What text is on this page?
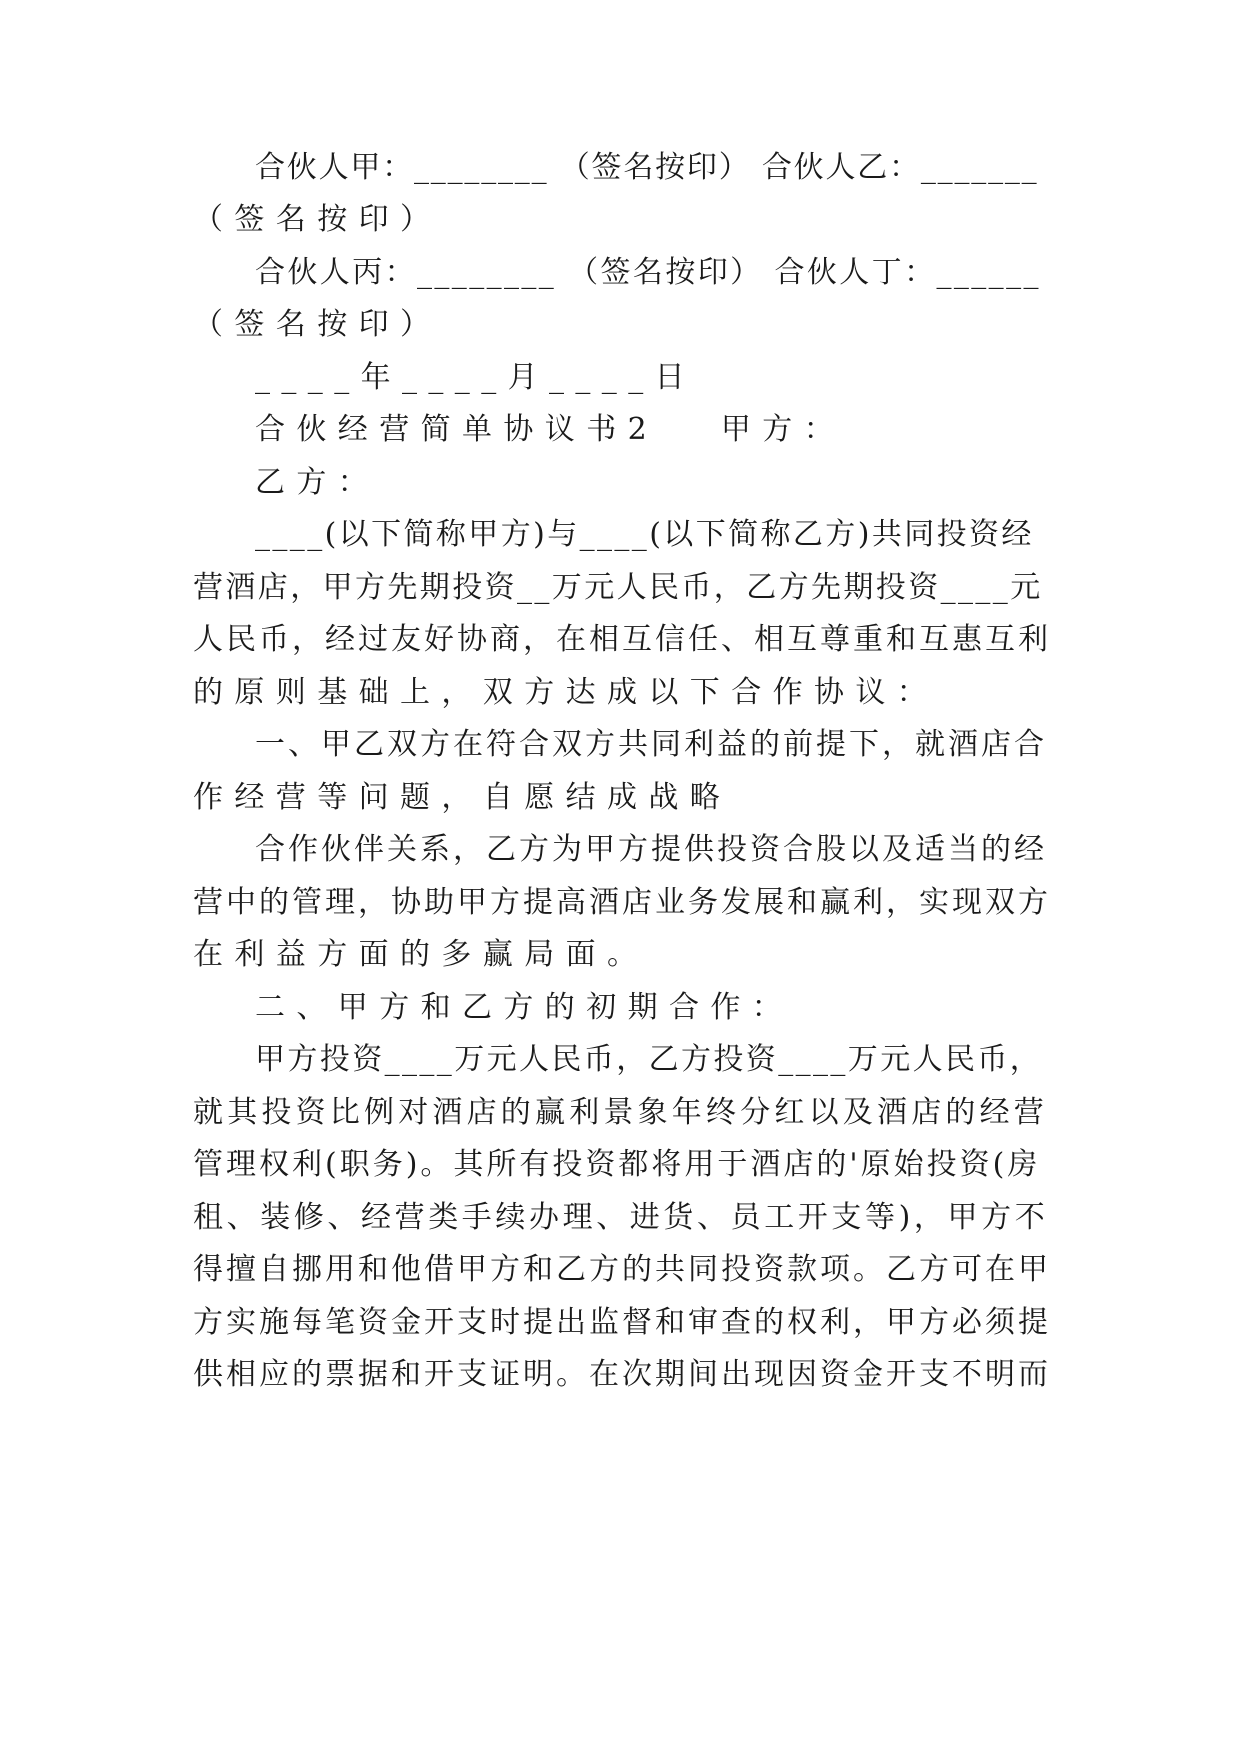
合伙人甲：________ （签名按印） 合伙人乙：_______

（签名按印）

合伙人丙：________ （签名按印） 合伙人丁：______

（签名按印）

____年____月____日

合伙经营简单协议书2   甲方：

乙方：

____(以下简称甲方)与____(以下简称乙方)共同投资经

营酒店，甲方先期投资__万元人民币，乙方先期投资____元

人民币，经过友好协商，在相互信任、相互尊重和互惠互利

的原则基础上，双方达成以下合作协议：

一、甲乙双方在符合双方共同利益的前提下，就酒店合

作经营等问题，自愿结成战略

合作伙伴关系，乙方为甲方提供投资合股以及适当的经

营中的管理，协助甲方提高酒店业务发展和赢利，实现双方

在利益方面的多赢局面。

二、甲方和乙方的初期合作：

甲方投资____万元人民币，乙方投资____万元人民币，

就其投资比例对酒店的赢利景象年终分红以及酒店的经营

管理权利(职务)。其所有投资都将用于酒店的'原始投资(房

租、装修、经营类手续办理、进货、员工开支等)，甲方不

得擅自挪用和他借甲方和乙方的共同投资款项。乙方可在甲

方实施每笔资金开支时提出监督和审查的权利，甲方必须提

供相应的票据和开支证明。在次期间出现因资金开支不明而
